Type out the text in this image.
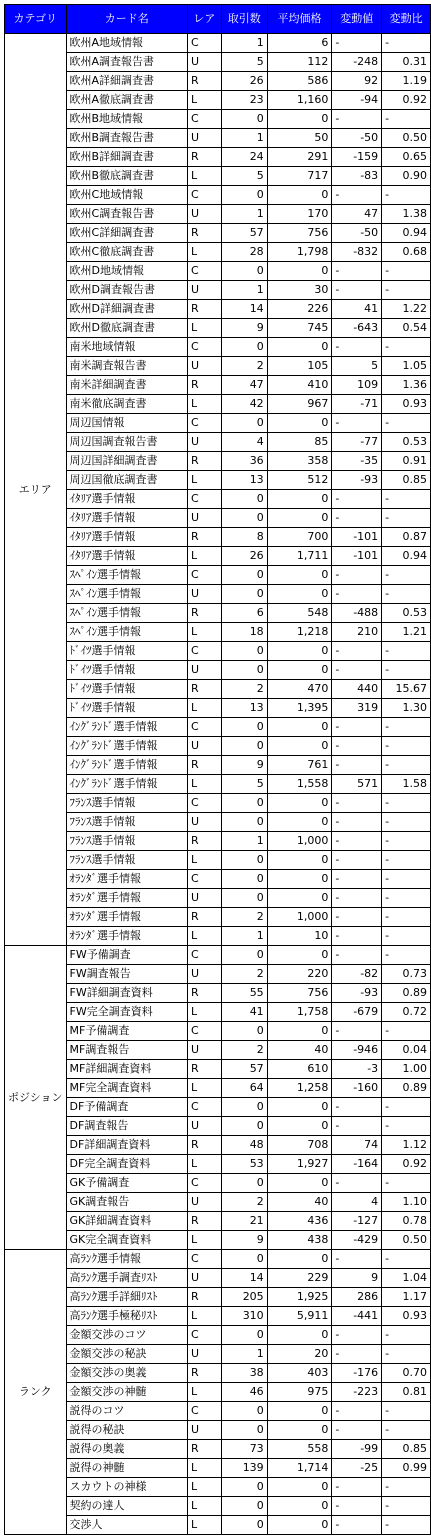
カテゴリ	カード名	レア	取引数	平均価格	変動値	変動比
エリア	欧州A地域情報	C	1	6	-	-
	欧州A調査報告書	U	5	112	-248	0.31
	欧州A詳細調査書	R	26	586	92	1.19
	欧州A徹底調査書	L	23	1,160	-94	0.92
	欧州B地域情報	C	0	0	-	-
	欧州B調査報告書	U	1	50	-50	0.50
	欧州B詳細調査書	R	24	291	-159	0.65
	欧州B徹底調査書	L	5	717	-83	0.90
	欧州C地域情報	C	0	0	-	-
	欧州C調査報告書	U	1	170	47	1.38
	欧州C詳細調査書	R	57	756	-50	0.94
	欧州C徹底調査書	L	28	1,798	-832	0.68
	欧州D地域情報	C	0	0	-	-
	欧州D調査報告書	U	1	30	-	-
	欧州D詳細調査書	R	14	226	41	1.22
	欧州D徹底調査書	L	9	745	-643	0.54
	南米地域情報	C	0	0	-	-
	南米調査報告書	U	2	105	5	1.05
	南米詳細調査書	R	47	410	109	1.36
	南米徹底調査書	L	42	967	-71	0.93
	周辺国情報	C	0	0	-	-
	周辺国調査報告書	U	4	85	-77	0.53
	周辺国詳細調査書	R	36	358	-35	0.91
	周辺国徹底調査書	L	13	512	-93	0.85
	ｲﾀﾘｱ選手情報	C	0	0	-	-
	ｲﾀﾘｱ選手情報	U	0	0	-	-
	ｲﾀﾘｱ選手情報	R	8	700	-101	0.87
	ｲﾀﾘｱ選手情報	L	26	1,711	-101	0.94
	ｽﾍﾟｲﾝ選手情報	C	0	0	-	-
	ｽﾍﾟｲﾝ選手情報	U	0	0	-	-
	ｽﾍﾟｲﾝ選手情報	R	6	548	-488	0.53
	ｽﾍﾟｲﾝ選手情報	L	18	1,218	210	1.21
	ﾄﾞｲﾂ選手情報	C	0	0	-	-
	ﾄﾞｲﾂ選手情報	U	0	0	-	-
	ﾄﾞｲﾂ選手情報	R	2	470	440	15.67
	ﾄﾞｲﾂ選手情報	L	13	1,395	319	1.30
	ｲﾝｸﾞﾗﾝﾄﾞ選手情報	C	0	0	-	-
	ｲﾝｸﾞﾗﾝﾄﾞ選手情報	U	0	0	-	-
	ｲﾝｸﾞﾗﾝﾄﾞ選手情報	R	9	761	-	-
	ｲﾝｸﾞﾗﾝﾄﾞ選手情報	L	5	1,558	571	1.58
	ﾌﾗﾝｽ選手情報	C	0	0	-	-
	ﾌﾗﾝｽ選手情報	U	0	0	-	-
	ﾌﾗﾝｽ選手情報	R	1	1,000	-	-
	ﾌﾗﾝｽ選手情報	L	0	0	-	-
	ｵﾗﾝﾀﾞ選手情報	C	0	0	-	-
	ｵﾗﾝﾀﾞ選手情報	U	0	0	-	-
	ｵﾗﾝﾀﾞ選手情報	R	2	1,000	-	-
	ｵﾗﾝﾀﾞ選手情報	L	1	10	-	-
ポジション	FW予備調査	C	0	0	-	-
	FW調査報告	U	2	220	-82	0.73
	FW詳細調査資料	R	55	756	-93	0.89
	FW完全調査資料	L	41	1,758	-679	0.72
	MF予備調査	C	0	0	-	-
	MF調査報告	U	2	40	-946	0.04
	MF詳細調査資料	R	57	610	-3	1.00
	MF完全調査資料	L	64	1,258	-160	0.89
	DF予備調査	C	0	0	-	-
	DF調査報告	U	0	0	-	-
	DF詳細調査資料	R	48	708	74	1.12
	DF完全調査資料	L	53	1,927	-164	0.92
	GK予備調査	C	0	0	-	-
	GK調査報告	U	2	40	4	1.10
	GK詳細調査資料	R	21	436	-127	0.78
	GK完全調査資料	L	9	438	-429	0.50
ランク	高ﾗﾝｸ選手情報	C	0	0	-	-
	高ﾗﾝｸ選手調査ﾘｽﾄ	U	14	229	9	1.04
	高ﾗﾝｸ選手詳細ﾘｽﾄ	R	205	1,925	286	1.17
	高ﾗﾝｸ選手極秘ﾘｽﾄ	L	310	5,911	-441	0.93
	金額交渉のコツ	C	0	0	-	-
	金額交渉の秘訣	U	1	20	-	-
	金額交渉の奥義	R	38	403	-176	0.70
	金額交渉の神髄	L	46	975	-223	0.81
	説得のコツ	C	0	0	-	-
	説得の秘訣	U	0	0	-	-
	説得の奥義	R	73	558	-99	0.85
	説得の神髄	L	139	1,714	-25	0.99
	スカウトの神様	L	0	0	-	-
	契約の達人	L	0	0	-	-
	交渉人	L	0	0	-	-
